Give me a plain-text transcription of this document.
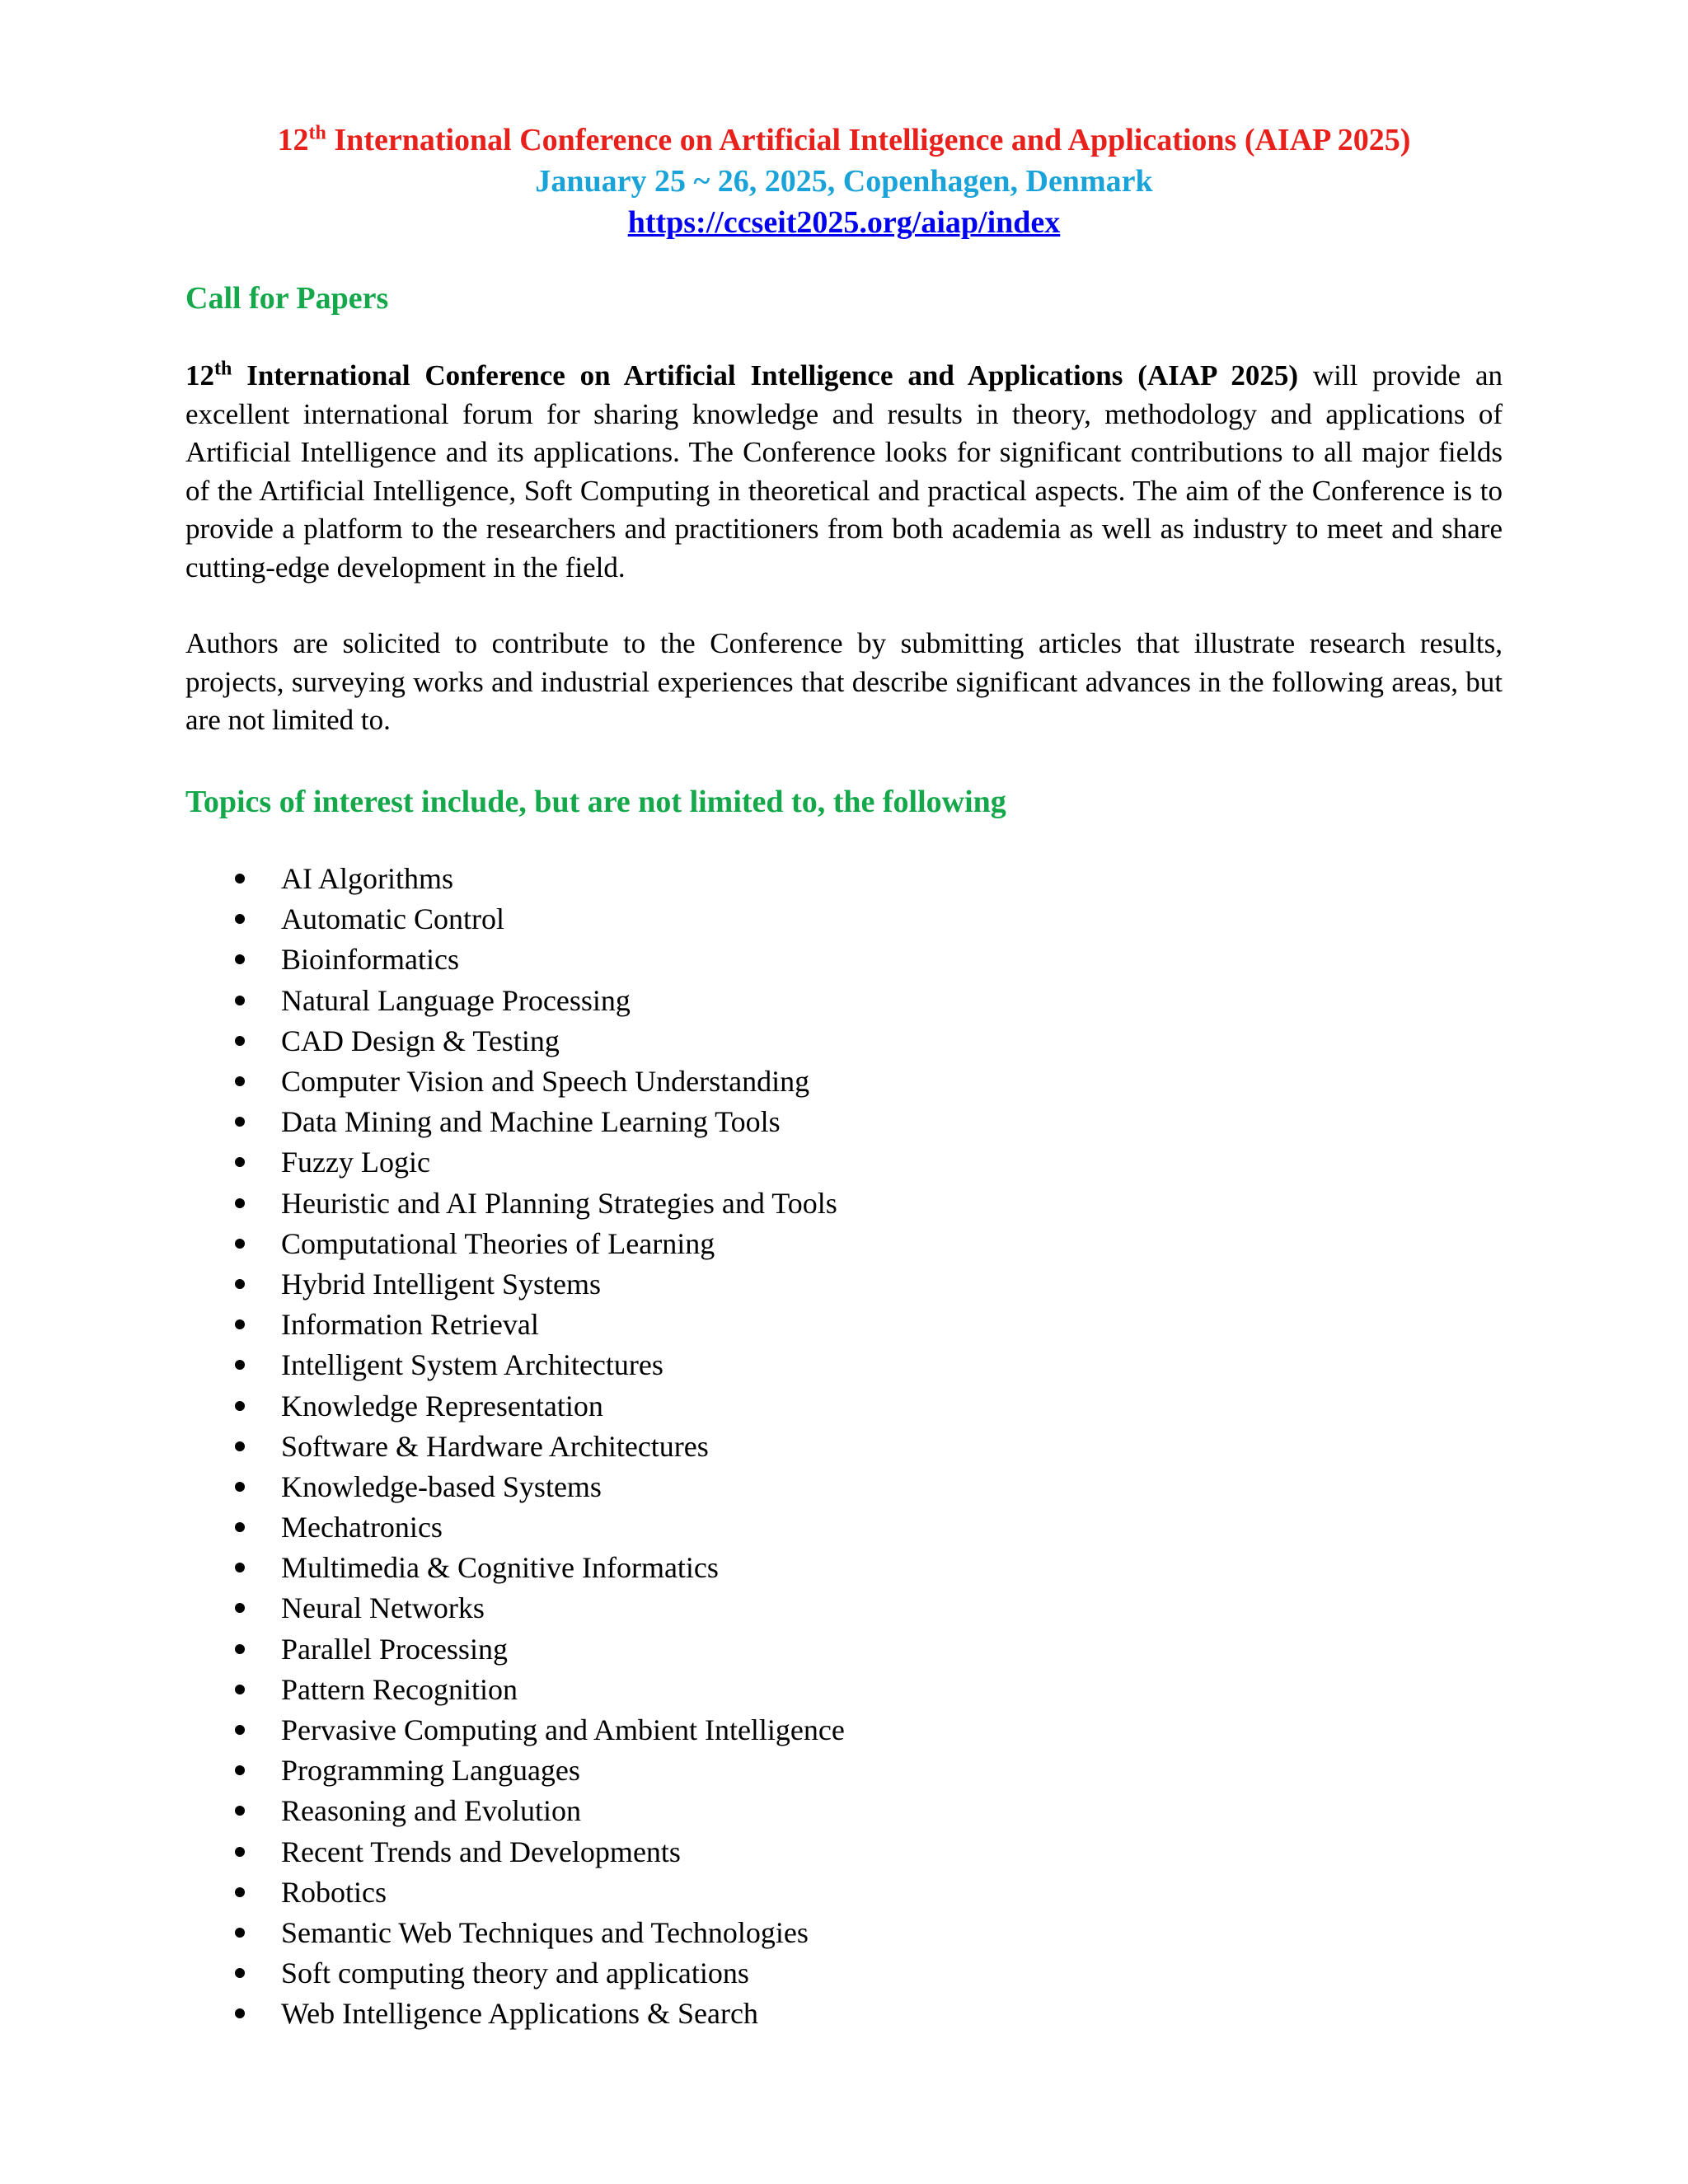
12th International Conference on Artificial Intelligence and Applications (AIAP 2025)

January 25 ~ 26, 2025, Copenhagen, Denmark

https://ccseit2025.org/aiap/index
Call for Papers

12th International Conference on Artificial Intelligence and Applications (AIAP 2025) will provide an excellent international forum for sharing knowledge and results in theory, methodology and applications of Artificial Intelligence and its applications. The Conference looks for significant contributions to all major fields of the Artificial Intelligence, Soft Computing in theoretical and practical aspects. The aim of the Conference is to provide a platform to the researchers and practitioners from both academia as well as industry to meet and share cutting-edge development in the field.

Authors are solicited to contribute to the Conference by submitting articles that illustrate research results, projects, surveying works and industrial experiences that describe significant advances in the following areas, but are not limited to.

Topics of interest include, but are not limited to, the following
AI Algorithms
Automatic Control
Bioinformatics
Natural Language Processing
CAD Design & Testing
Computer Vision and Speech Understanding
Data Mining and Machine Learning Tools
Fuzzy Logic
Heuristic and AI Planning Strategies and Tools
Computational Theories of Learning
Hybrid Intelligent Systems
Information Retrieval
Intelligent System Architectures
Knowledge Representation
Software & Hardware Architectures
Knowledge-based Systems
Mechatronics
Multimedia & Cognitive Informatics
Neural Networks
Parallel Processing
Pattern Recognition
Pervasive Computing and Ambient Intelligence
Programming Languages
Reasoning and Evolution
Recent Trends and Developments
Robotics
Semantic Web Techniques and Technologies
Soft computing theory and applications
Web Intelligence Applications & Search
